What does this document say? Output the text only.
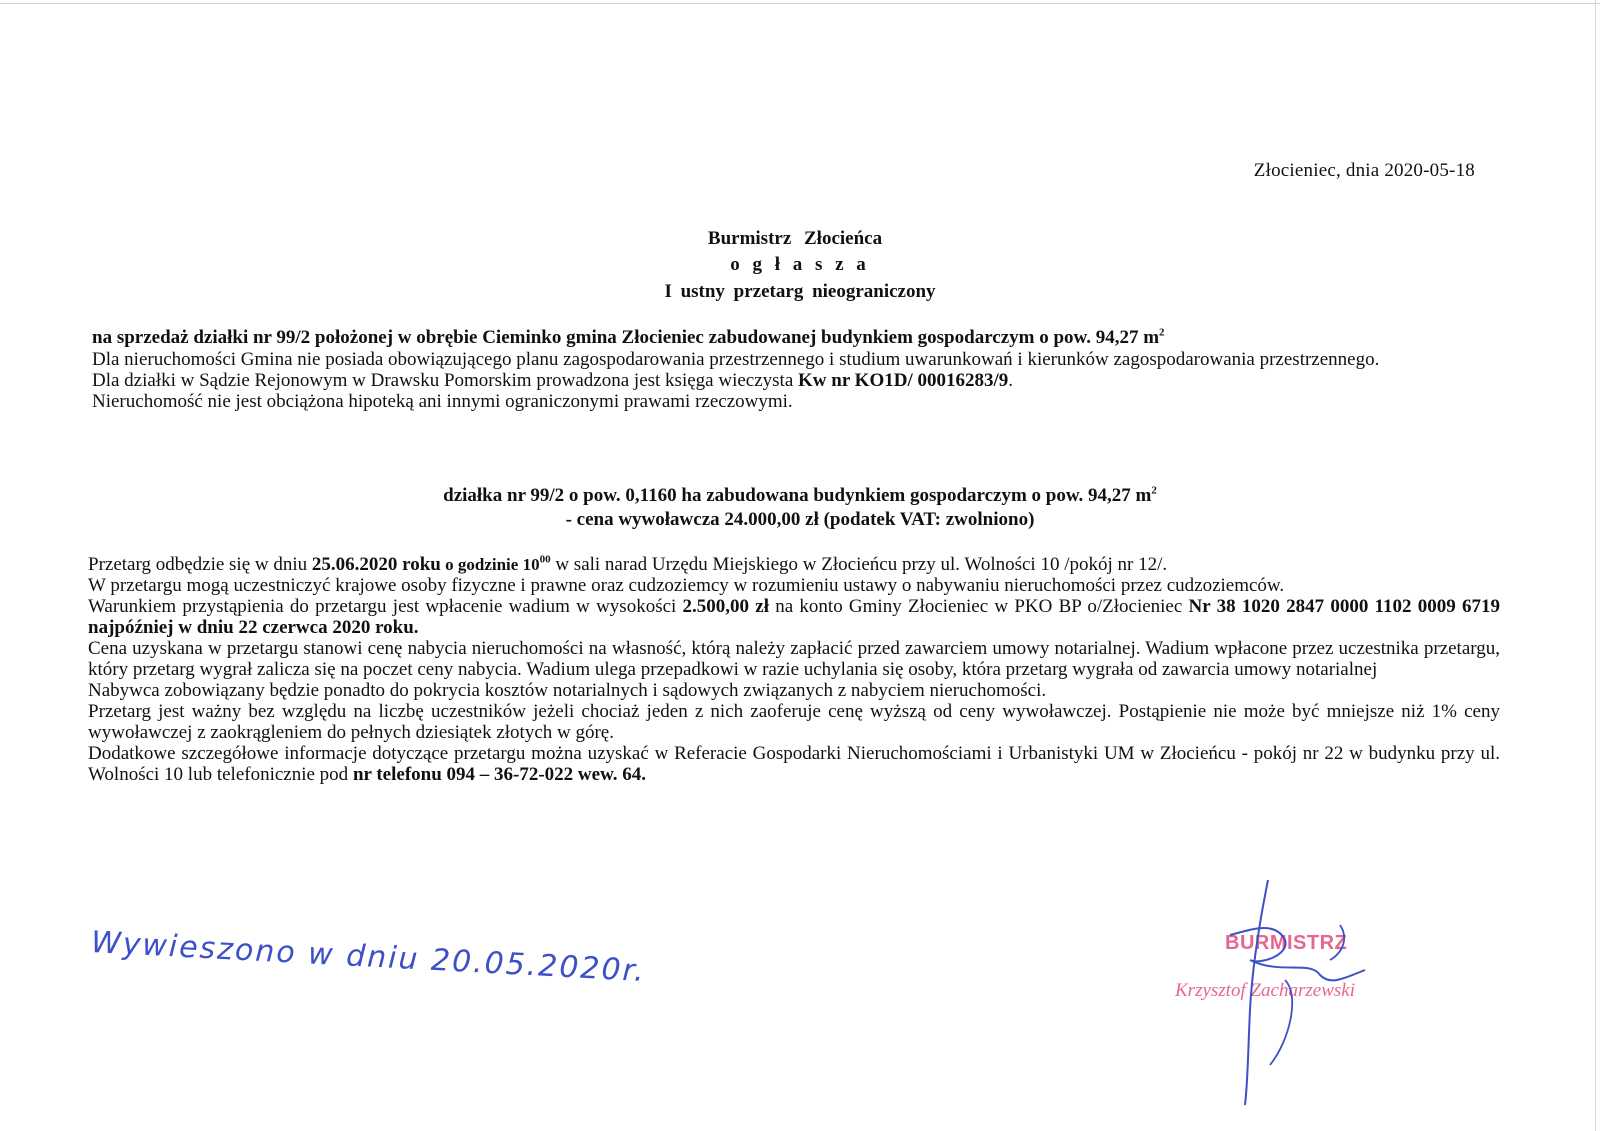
Złocieniec, dnia 2020-05-18
Burmistrz Złocieńca
o g ł a s z a
I ustny przetarg nieograniczony

na sprzedaż działki nr 99/2 położonej w obrębie Cieminko gmina Złocieniec zabudowanej budynkiem gospodarczym o pow. 94,27 $m^2$

Dla nieruchomości Gmina nie posiada obowiązującego planu zagospodarowania przestrzennego i studium uwarunkowań i kierunków zagospodarowania przestrzennego.

Dla działki w Sądzie Rejonowym w Drawsku Pomorskim prowadzona jest księga wieczysta Kw nr KO1D/ 00016283/9.

Nieruchomość nie jest obciążona hipoteką ani innymi ograniczonymi prawami rzeczowymi.

działka nr 99/2 o pow. 0,1160 ha zabudowana budynkiem gospodarczym o pow. 94,27 $m^2$
- cena wywoławcza 24.000,00 zł (podatek VAT: zwolniono)

Przetarg odbędzie się w dniu 25.06.2020 roku o godzinie $10^{00}$ w sali narad Urzędu Miejskiego w Złocieńcu przy ul. Wolności 10 /pokój nr 12/.

W przetargu mogą uczestniczyć krajowe osoby fizyczne i prawne oraz cudzoziemcy w rozumieniu ustawy o nabywaniu nieruchomości przez cudzoziemców.

Warunkiem przystąpienia do przetargu jest wpłacenie wadium w wysokości 2.500,00 zł na konto Gminy Złocieniec w PKO BP o/Złocieniec Nr 38 1020 2847 0000 1102 0009 6719 najpóźniej w dniu 22 czerwca 2020 roku.

Cena uzyskana w przetargu stanowi cenę nabycia nieruchomości na własność, którą należy zapłacić przed zawarciem umowy notarialnej. Wadium wpłacone przez uczestnika przetargu, który przetarg wygrał zalicza się na poczet ceny nabycia. Wadium ulega przepadkowi w razie uchylania się osoby, która przetarg wygrała od zawarcia umowy notarialnej

Nabywca zobowiązany będzie ponadto do pokrycia kosztów notarialnych i sądowych związanych z nabyciem nieruchomości.

Przetarg jest ważny bez względu na liczbę uczestników jeżeli chociaż jeden z nich zaoferuje cenę wyższą od ceny wywoławczej. Postąpienie nie może być mniejsze niż 1% ceny wywoławczej z zaokrągleniem do pełnych dziesiątek złotych w górę.

Dodatkowe szczegółowe informacje dotyczące przetargu można uzyskać w Referacie Gospodarki Nieruchomościami i Urbanistyki UM w Złocieńcu - pokój nr 22 w budynku przy ul. Wolności 10 lub telefonicznie pod nr telefonu 094 – 36-72-022 wew. 64.

Wywieszono w dniu 20.05.2020r.	BURMISTRZ
Krzysztof Zacharzewski
